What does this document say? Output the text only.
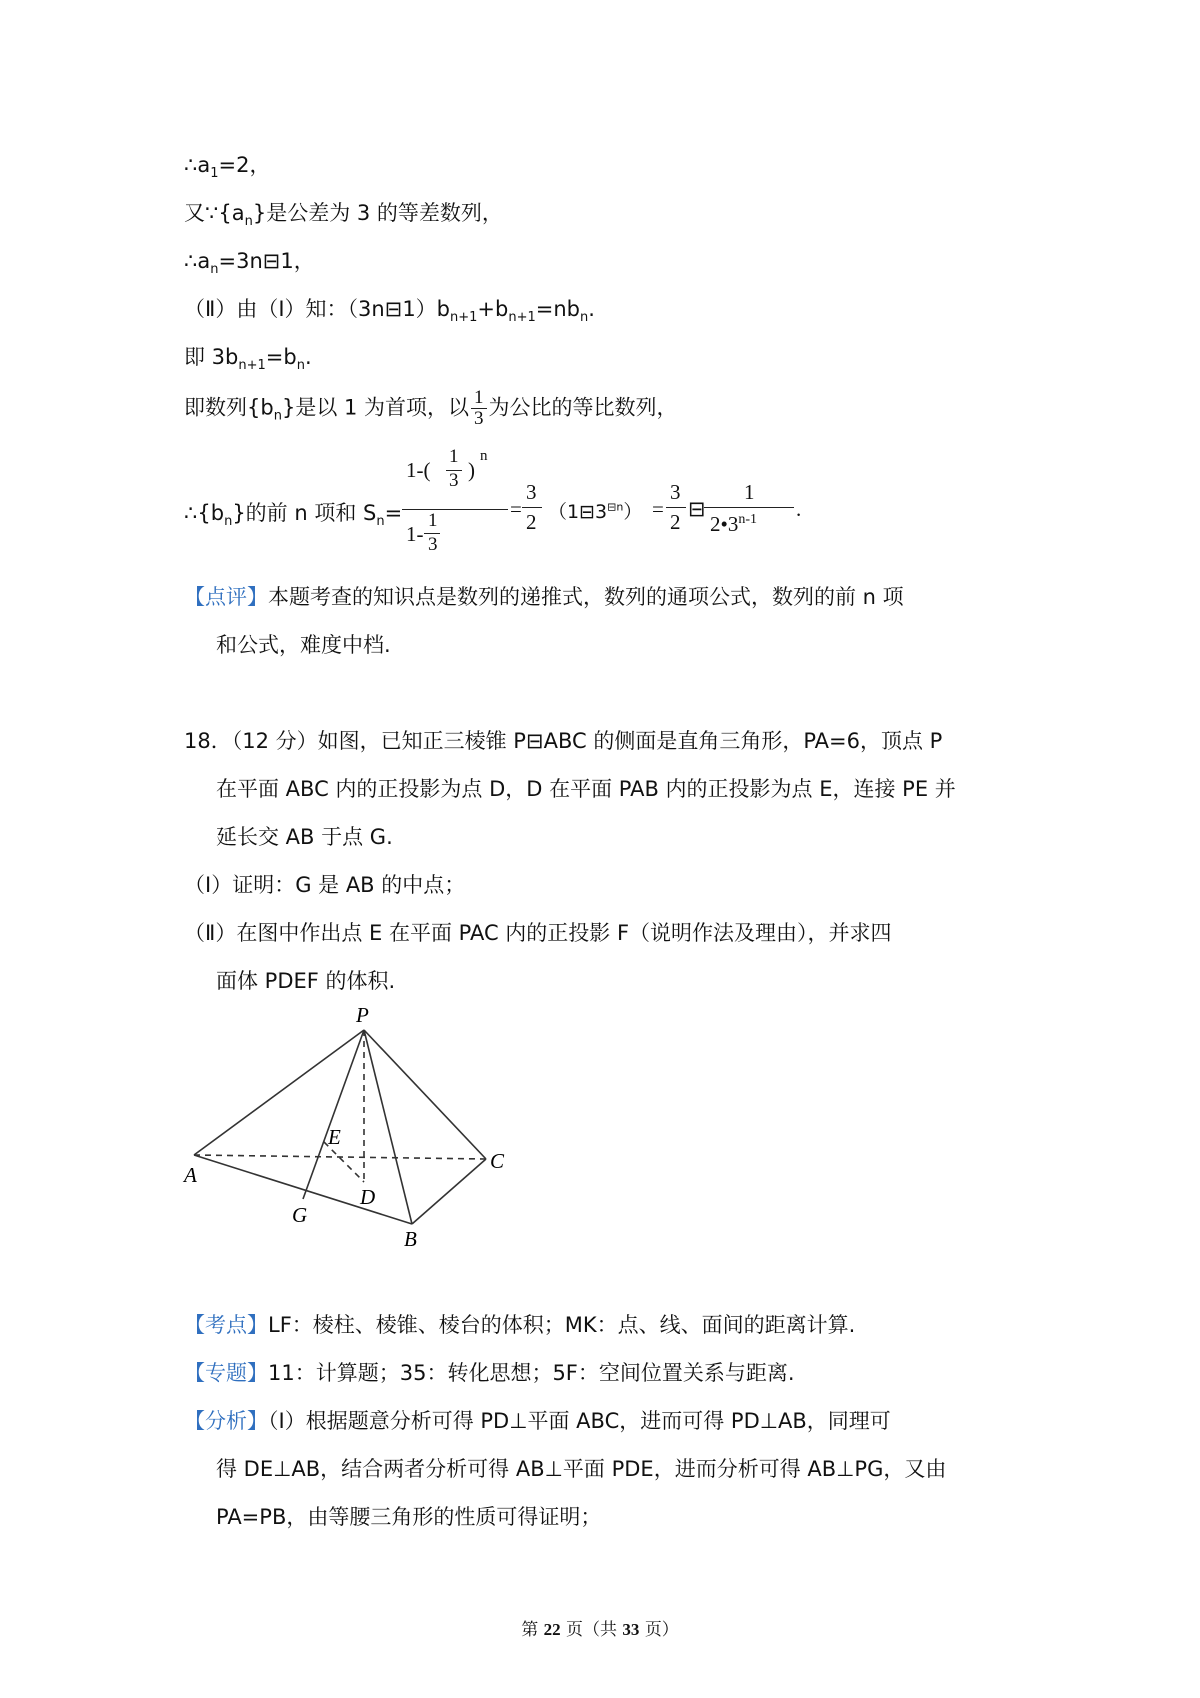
$\therefore a_1=2$，
又$\because\{a_n\}$是公差为 3 的等差数列，
$\therefore a_n=3n⊟1$，
（Ⅱ）由（I）知：$(3n⊟1)b_{n+1}+b_{n+1}=nb_n$.
即 $3b_{n+1}=b_n$.
即数列$\{b_n\}$是以 1 为首项，以 $\frac{1}{3}$ 为公比的等比数列，
$\therefore\{b_n\}$的前 n 项和 $S_n=$
1-(
1
3 )
n
1-
1
3
=
3
2 $(1⊟3^{⊟n})$ =
3
2
⊟
1
2•3$^{n-1}$ .
【点评】本题考查的知识点是数列的递推式，数列的通项公式，数列的前 n 项
和公式，难度中档.
18．（12 分）如图，已知正三棱锥 P⊟ABC 的侧面是直角三角形，PA=6，顶点 P
在平面 ABC 内的正投影为点 D，D 在平面 PAB 内的正投影为点 E，连接 PE 并
延长交 AB 于点 G.
（Ⅰ）证明：G 是 AB 的中点；
（Ⅱ）在图中作出点 E 在平面 PAC 内的正投影 F（说明作法及理由），并求四
面体 PDEF 的体积.
P
E
A
C
D
G
B
【考点】LF：棱柱、棱锥、棱台的体积；MK：点、线、面间的距离计算.
【专题】11：计算题；35：转化思想；5F：空间位置关系与距离.
【分析】（Ⅰ）根据题意分析可得 PD⊥平面 ABC，进而可得 PD⊥AB，同理可
得 DE⊥AB，结合两者分析可得 AB⊥平面 PDE，进而分析可得 AB⊥PG，又由
PA=PB，由等腰三角形的性质可得证明；
第 22 页（共 33 页）
